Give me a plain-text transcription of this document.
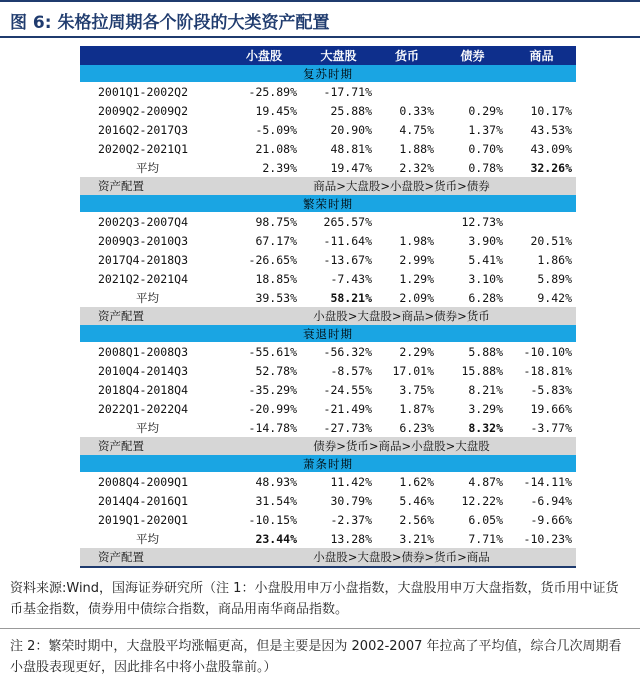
图 6: 朱格拉周期各个阶段的大类资产配置
	小盘股	大盘股	货币	债券	商品
复苏时期					
2001Q1-2002Q2	-25.89%	-17.71%			
2009Q2-2009Q2	19.45%	25.88%	0.33%	0.29%	10.17%
2016Q2-2017Q3	-5.09%	20.90%	4.75%	1.37%	43.53%
2020Q2-2021Q1	21.08%	48.81%	1.88%	0.70%	43.09%
平均	2.39%	19.47%	2.32%	0.78%	32.26%
资产配置	商品>大盘股>小盘股>货币>债券				
繁荣时期					
2002Q3-2007Q4	98.75%	265.57%		12.73%	
2009Q3-2010Q3	67.17%	-11.64%	1.98%	3.90%	20.51%
2017Q4-2018Q3	-26.65%	-13.67%	2.99%	5.41%	1.86%
2021Q2-2021Q4	18.85%	-7.43%	1.29%	3.10%	5.89%
平均	39.53%	58.21%	2.09%	6.28%	9.42%
资产配置	小盘股>大盘股>商品>债券>货币				
衰退时期					
2008Q1-2008Q3	-55.61%	-56.32%	2.29%	5.88%	-10.10%
2010Q4-2014Q3	52.78%	-8.57%	17.01%	15.88%	-18.81%
2018Q4-2018Q4	-35.29%	-24.55%	3.75%	8.21%	-5.83%
2022Q1-2022Q4	-20.99%	-21.49%	1.87%	3.29%	19.66%
平均	-14.78%	-27.73%	6.23%	8.32%	-3.77%
资产配置	债券>货币>商品>小盘股>大盘股				
萧条时期					
2008Q4-2009Q1	48.93%	11.42%	1.62%	4.87%	-14.11%
2014Q4-2016Q1	31.54%	30.79%	5.46%	12.22%	-6.94%
2019Q1-2020Q1	-10.15%	-2.37%	2.56%	6.05%	-9.66%
平均	23.44%	13.28%	3.21%	7.71%	-10.23%
资产配置	小盘股>大盘股>债券>货币>商品				
资料来源:Wind，国海证券研究所（注 1：小盘股用申万小盘指数，大盘股用申万大盘指数，货币用中证货币基金指数，债券用中债综合指数，商品用南华商品指数。
注 2：繁荣时期中，大盘股平均涨幅更高，但是主要是因为 2002-2007 年拉高了平均值，综合几次周期看小盘股表现更好，因此排名中将小盘股靠前。）
